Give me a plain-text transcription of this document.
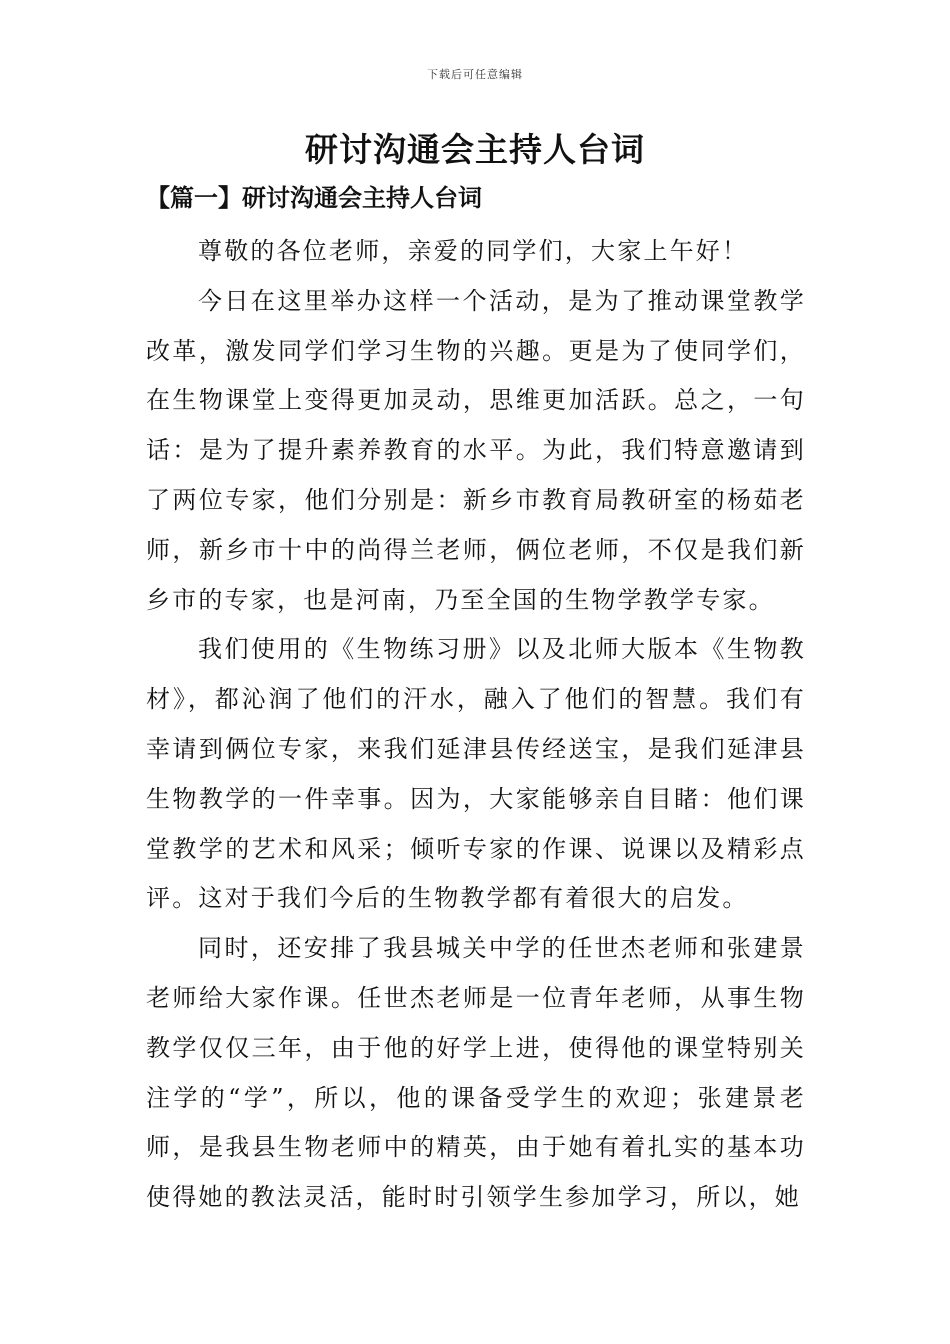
下载后可任意编辑
研讨沟通会主持人台词
【篇一】研讨沟通会主持人台词

尊敬的各位老师，亲爱的同学们，大家上午好！

今日在这里举办这样一个活动，是为了推动课堂教学改革，激发同学们学习生物的兴趣。更是为了使同学们，在生物课堂上变得更加灵动，思维更加活跃。总之，一句话：是为了提升素养教育的水平。为此，我们特意邀请到了两位专家，他们分别是：新乡市教育局教研室的杨茹老师，新乡市十中的尚得兰老师，俩位老师，不仅是我们新乡市的专家，也是河南，乃至全国的生物学教学专家。

我们使用的《生物练习册》以及北师大版本《生物教材》，都沁润了他们的汗水，融入了他们的智慧。我们有幸请到俩位专家，来我们延津县传经送宝，是我们延津县生物教学的一件幸事。因为，大家能够亲自目睹：他们课堂教学的艺术和风采；倾听专家的作课、说课以及精彩点评。这对于我们今后的生物教学都有着很大的启发。

同时，还安排了我县城关中学的任世杰老师和张建景老师给大家作课。任世杰老师是一位青年老师，从事生物教学仅仅三年，由于他的好学上进，使得他的课堂特别关注学的“学”，所以，他的课备受学生的欢迎；张建景老师，是我县生物老师中的精英，由于她有着扎实的基本功使得她的教法灵活，能时时引领学生参加学习，所以，她
